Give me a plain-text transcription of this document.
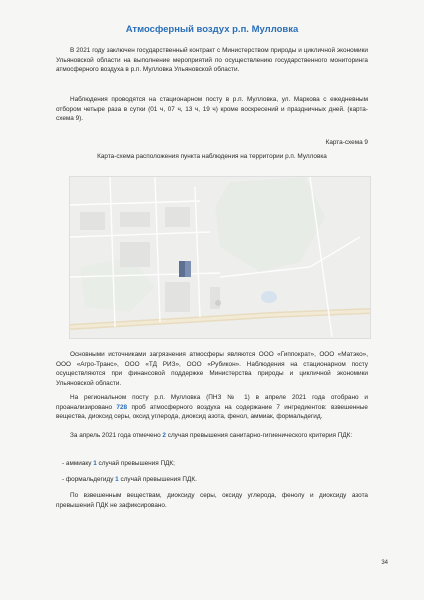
Атмосферный воздух р.п. Мулловка

В 2021 году заключен государственный контракт с Министерством природы и цикличной экономики Ульяновской области на выполнение мероприятий по осуществлению государственного мониторинга атмосферного воздуха в р.п. Мулловка Ульяновской области.

Наблюдения проводятся на стационарном посту в р.п. Мулловка, ул. Маркова с ежедневным отбором четыре раза в сутки (01 ч, 07 ч, 13 ч, 19 ч) кроме воскресений и праздничных дней. (карта-схема 9).

Карта-схема 9

Карта-схема расположения пункта наблюдения на территории р.п. Мулловка

Основными источниками загрязнения атмосферы являются ООО «Гиппократ», ООО «Матэко», ООО «Агро-Транс», ООО «ТД РИЗ», ООО «Рубикон». Наблюдения на стационарном посту осуществляются при финансовой поддержке Министерства природы и цикличной экономики Ульяновской области.

На региональном посту р.п. Мулловка (ПНЗ № 1) в апреле 2021 года отобрано и проанализировано 728 проб атмосферного воздуха на содержание 7 ингредиентов: взвешенные вещества, диоксид серы, оксид углерода, диоксид азота, фенол, аммиак, формальдегид.

За апрель 2021 года отмечено 2 случая превышения санитарно-гигиенического критерия ПДК:

- аммиаку 1 случай превышения ПДК;
- формальдегиду 1 случай превышения ПДК.

По взвешенным веществам, диоксиду серы, оксиду углерода, фенолу и диоксиду азота превышений ПДК не зафиксировано.

34
